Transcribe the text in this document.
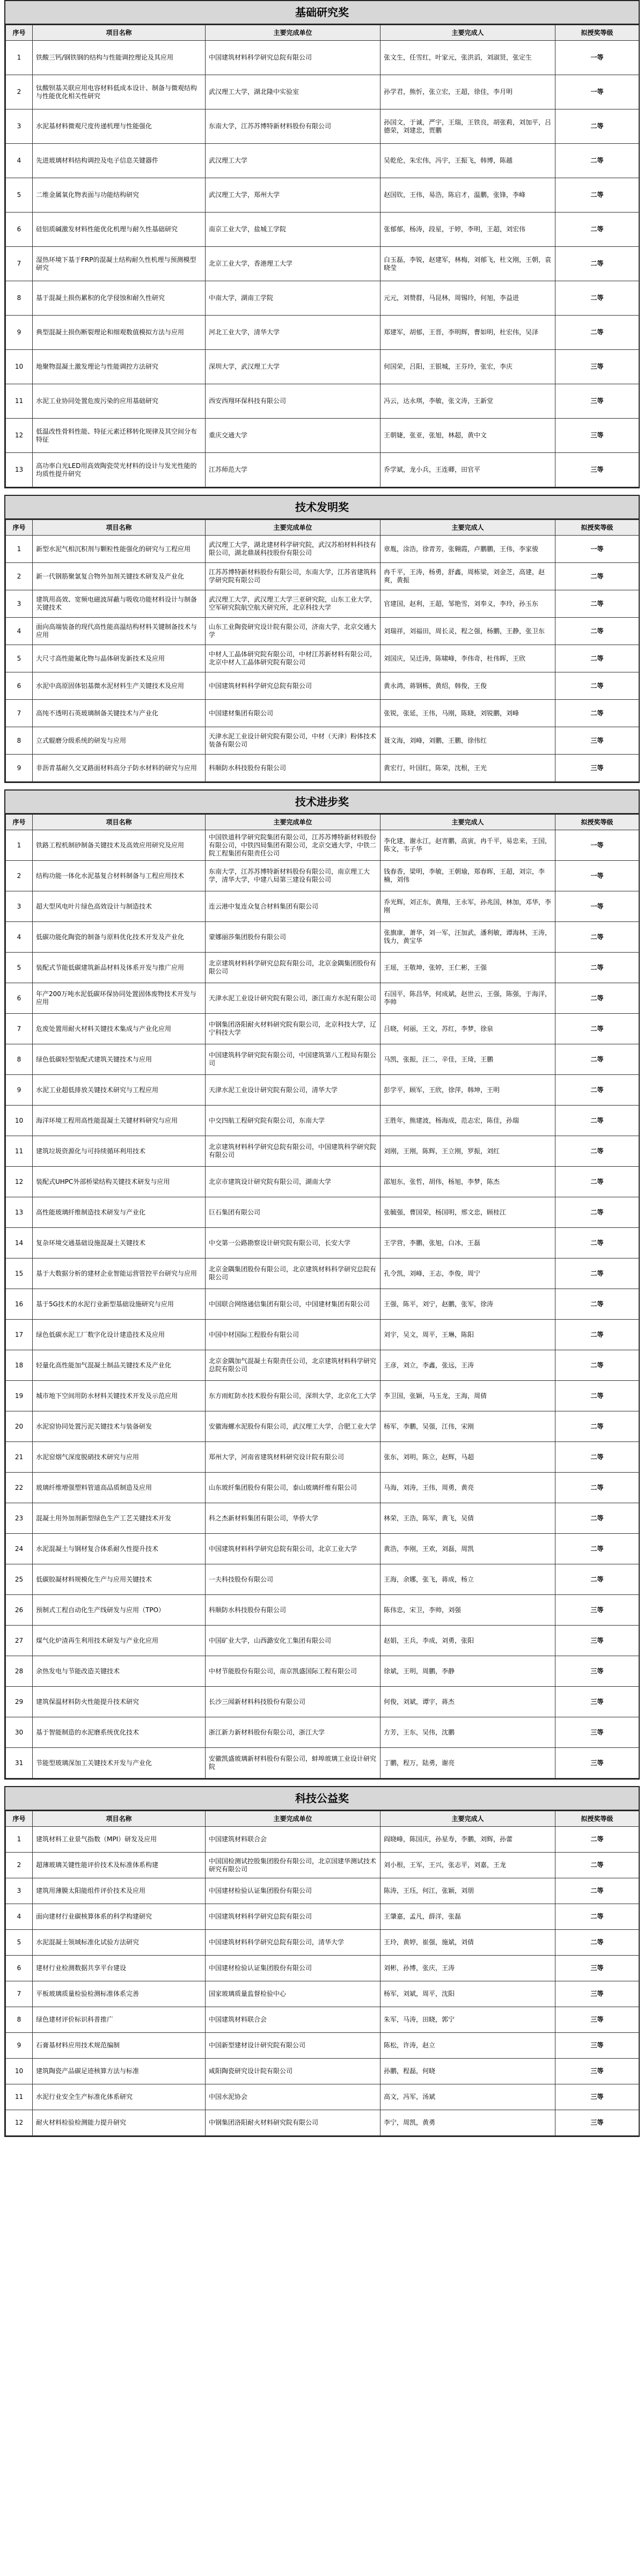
基础研究奖
序号	项目名称	主要完成单位	主要完成人	拟授奖等级
1	铁酸三钙/钢铁钢的结构与性能调控理论及其应用	中国建筑材料科学研究总院有限公司	张文生，任雪红，叶家元，张洪滔，刘淑贤，张定生	一等
2	钛酸钡基关联应用电容材料低成本设计、制备与微观结构与性能优化相关性研究	武汉理工大学，湖北隆中实验室	孙学君，熊忻，张立宏，王超，徐佳，李月明	一等
3	水泥基材料微观尺度传递机理与性能强化	东南大学，江苏苏博特新材料股份有限公司	孙国文，于诚，严宇，王瑞，王铁良，胡张莉，刘加平，吕德荣，刘建忠，贾鹏	二等
4	先进玻璃材料结构调控及电子信息关键器件	武汉理工大学	吴乾伦，朱宏伟，冯宇，王振飞，韩博，陈越	二等
5	二维金属氧化物表面与功能结构研究	武汉理工大学，郑州大学	赵国钦，王伟，易浩，陈启才，温鹏，张锋，李峰	二等
6	硅铝质碱激发材料性能优化机理与耐久性基础研究	南京工业大学，盐城工学院	张郁郁，杨涛，段星，于婷，李明，王超，刘宏伟	二等
7	湿热环境下基于FRP的混凝土结构耐久性机理与预测模型研究	北京工业大学，香港理工大学	白玉磊，李锐，赵建军，林梅，刘郁飞，杜文刚，王朝，袁晓莹	二等
8	基于混凝土损伤累积的化学侵蚀和耐久性研究	中南大学，湖南工学院	元元，刘赞群，马昆林，周锡玲，何旭，李益进	二等
9	典型混凝土损伤断裂理论和细观数值模拟方法与应用	河北工业大学，清华大学	郑建军，胡郁，王晋，李明辉，曹如明，杜宏伟，吴泽	二等
10	地聚物混凝土激发理论与性能调控方法研究	深圳大学，武汉理工大学	何国荣，吕阳，王银城，王芬玲，张宏，李庆	三等
11	水泥工业协同处置危废污染的应用基础研究	西安西翔环保科技有限公司	冯云，达永琪，李敏，张文涛，王新堂	三等
12	低温改性骨料性能、特征元素迁移转化规律及其空间分布特征	重庆交通大学	王朝婕，张亚，张旭，林超，黄中文	三等
13	高功率白光LED用高效陶瓷荧光材料的设计与发光性能的均质性提升研究	江苏师范大学	乔学斌，龙小兵，王连卿，田官平	三等
技术发明奖
序号	项目名称	主要完成单位	主要完成人	拟授奖等级
1	新型水泥气相沉积剂与颗粒性能强化的研究与工程应用	武汉理工大学，湖北建材科学研究院，武汉苏柏材料科技有限公司，湖北鼎晟科技股份有限公司	章胤，涂浩，徐青芳，张翱霞，卢鹏鹏，王伟，李家骏	一等
2	新一代钢筋聚氯复合物外加剂关键技术研发及产业化	江苏苏博特新材料股份有限公司，东南大学，江苏省建筑科学研究院有限公司	冉千平，王涛，杨勇，舒鑫，周栋梁，刘金芝，高建，赵爽，黄振	二等
3	建筑用高效、宽频电磁波屏蔽与吸收功能材料设计与制备关键技术	武汉理工大学，武汉理工大学三亚研究院，山东工业大学，空军研究院航空航天研究所，北京科技大学	官建国，赵利，王超，邹艳雪，刘奉义，李玲，孙玉东	二等
4	面向高端装备的现代高性能高温结构材料关键制备技术与应用	山东工业陶瓷研究设计院有限公司，济南大学，北京交通大学	刘瑞祥，刘福田，周长灵，程之强，杨鹏，王静，张卫东	二等
5	大尺寸高性能氟化物与晶体研发新技术及应用	中材人工晶体研究院有限公司，中材江苏新材料有限公司，北京中材人工晶体研究院有限公司	刘国庆，吴迁涛，陈啸峰，李伟奇，杜伟晖，王欣	二等
6	水泥中高原固体铝基微水泥材料生产关键技术及应用	中国建筑材料科学研究总院有限公司	黄永鸿，蒋钢栋，黄绍，韩俊，王俊	二等
7	高纯不透明石英玻璃制备关键技术与产业化	中国建材集团有限公司	张锐，张延，王伟，马刚，陈晓，刘锐鹏，刘峰	二等
8	立式辊磨分级系统的研发与应用	天津水泥工业设计研究院有限公司，中材（天津）粉体技术装备有限公司	聂文海，刘峰，刘鹏，王鹏，徐伟红	三等
9	非沥青基耐久交叉路面材料高分子防水材料的研究与应用	科顺防水科技股份有限公司	黄宏行，叶国红，陈荣，沈根，王光	三等
技术进步奖
序号	项目名称	主要完成单位	主要完成人	拟授奖等级
1	铁路工程机制砂制备关键技术及高效应用研究及应用	中国铁道科学研究院集团有限公司，江苏苏博特新材料股份有限公司，中铁四局集团有限公司，北京交通大学，中铁二院工程集团有限责任公司	李化建，谢永江，赵宵鹏，高寅，冉千平，易忠来，王国，陈文，韦子华	一等
2	结构功能一体化水泥基复合材料制备与工程应用技术	东南大学，江苏苏博特新材料股份有限公司，南京理工大学，清华大学，中建八局第三建设有限公司	钱春香，梁明，李敏，王朝瑜，郑春晖，王超，刘宗，李楠，刘伟	一等
3	超大型风电叶片绿色高效设计与制造技术	连云港中复连众复合材料集团有限公司	乔光辉，刘正东，黄翔，王永军，孙兆国，林加，邓华，李刚	一等
4	低碳功能化陶瓷的制备与原料优化技术开发及产业化	蒙娜丽莎集团股份有限公司	张旗康，萧华，刘一军，汪加武，潘利敏，谭海林，王涛，钱力，黄宝华	二等
5	装配式节能低碳建筑新品材料及体系开发与推广应用	北京建筑材料科学研究总院有限公司，北京金隅集团股份有限公司	王瑶，王敬坤，张婷，王仁彬，王强	二等
6	年产200万吨水泥低碳环保协同处置固体废物技术开发与应用	天津水泥工业设计研究院有限公司，浙江南方水泥有限公司	石国平，陈昌华，何成斌，赵世云，王强，陈强，于海洋，李帅	二等
7	危废处置用耐火材料关键技术集成与产业化应用	中钢集团洛阳耐火材料研究院有限公司，北京科技大学，辽宁科技大学	吕晓，何丽，王文，苏红，李梦，徐泉	二等
8	绿色低碳轻型装配式建筑关键技术与应用	中国建筑科学研究院有限公司，中国建筑第八工程局有限公司	马凯，张振，汪二，辛佳，王琦，王鹏	二等
9	水泥工业超低排放关键技术研究与工程应用	天津水泥工业设计研究院有限公司，清华大学	彭学平，顾军，王欣，徐萍，韩坤，王明	二等
10	海洋环境工程用高性能混凝土关键材料研究与应用	中交四航工程研究院有限公司，东南大学	王胜年，熊建波，杨海成，范志宏，陈佳，孙瑞	二等
11	建筑垃圾资源化与可持续循环利用技术	北京建筑材料科学研究总院有限公司，中国建筑科学研究院有限公司	刘刚，王刚，陈辉，王立刚，罗振，刘红	二等
12	装配式UHPC外部桥梁结构关键技术研发与应用	北京市建筑设计研究院有限公司，湖南大学	邵旭东，张哲，胡伟，杨旭，李梦，陈杰	二等
13	高性能玻璃纤维制造技术研发与产业化	巨石集团有限公司	张毓强，曹国荣，杨国明，邢文忠，顾桂江	二等
14	复杂环境交通基础设施混凝土关键技术	中交第一公路勘察设计研究院有限公司，长安大学	王学营，李鹏，张旭，白冰，王磊	二等
15	基于大数据分析的建材企业智能运营管控平台研究与应用	北京金隅集团股份有限公司，北京建筑材料科学研究总院有限公司	孔令凯，刘峰，王志，李俊，周宁	二等
16	基于5G技术的水泥行业新型基础设施研究与应用	中国联合网络通信集团有限公司，中国建材集团有限公司	王强，陈平，刘宁，赵鹏，张军，徐涛	二等
17	绿色低碳水泥工厂数字化设计建造技术及应用	中国中材国际工程股份有限公司	刘宇，吴文，周平，王琳，陈阳	二等
18	轻量化高性能加气混凝土制品关键技术及产业化	北京金隅加气混凝土有限责任公司，北京建筑材料科学研究总院有限公司	王彦，刘立，李鑫，张远，王涛	二等
19	城市地下空间用防水材料关键技术开发及示范应用	东方雨虹防水技术股份有限公司，深圳大学，北京化工大学	李卫国，张颖，马玉龙，王海，周倩	二等
20	水泥窑协同处置污泥关键技术与装备研发	安徽海螺水泥股份有限公司，武汉理工大学，合肥工业大学	杨军，李鹏，吴强，江伟，宋刚	二等
21	水泥窑烟气深度脱硝技术研究与应用	郑州大学，河南省建筑材料研究设计院有限公司	张东，刘明，陈立，赵辉，马超	二等
22	玻璃纤维增强塑料管道高品质制造及应用	山东玻纤集团股份有限公司，泰山玻璃纤维有限公司	马海，刘涛，王伟，周勇，黄亮	二等
23	混凝土用外加剂新型绿色生产工艺关键技术开发	科之杰新材料集团有限公司，华侨大学	林荣，王浩，陈军，黄飞，吴倩	二等
24	水泥混凝土与钢材复合体系耐久性提升技术	中国建筑材料科学研究总院有限公司，北京工业大学	黄浩，李刚，王欢，刘磊，周凯	二等
25	低碳胶凝材料规模化生产与应用关键技术	一夫科技股份有限公司	王海，余娜，张飞，蒋成，杨立	二等
26	预制式工程自动化生产线研发与应用（TPO）	科顺防水科技股份有限公司	陈伟忠，宋卫，李帅，刘强	三等
27	煤气化炉渣再生利用技术研发与产业化应用	中国矿业大学，山西潞安化工集团有限公司	赵娟，王兵，李成，刘勇，张阳	三等
28	余热发电与节能改造关键技术	中材节能股份有限公司，南京凯盛国际工程有限公司	徐斌，王明，周鹏，李静	三等
29	建筑保温材料防火性能提升技术研究	长沙三闻新材料科技股份有限公司	何俊，刘斌，谭宇，蒋杰	三等
30	基于智能制造的水泥磨系统优化技术	浙江新力新材料股份有限公司，浙江大学	方芳，王东，吴伟，沈鹏	三等
31	节能型玻璃深加工关键技术开发与产业化	安徽凯盛玻璃新材料股份有限公司，蚌埠玻璃工业设计研究院	丁鹏，程万，陆勇，谢亮	三等
科技公益奖
序号	项目名称	主要完成单位	主要完成人	拟授奖等级
1	建筑材料工业景气指数（MPI）研发及应用	中国建筑材料联合会	阎晓峰，陈国庆，孙星寿，李鹏，刘辉，孙蕾	二等
2	超薄玻璃关键性能评价技术及标准体系构建	中国国检测试控股集团股份有限公司，北京国建华测试技术研究有限公司	刘小根，王军，王兴，张志平，刘嘉，王龙	二等
3	建筑用薄膜太阳能组件评价技术及应用	中国建材检验认证集团股份有限公司	陈涛，王珏，何江，张颖，刘朋	二等
4	面向建材行业碳核算体系的科学构建研究	中国建筑材料科学研究总院有限公司	王肇嘉，孟凡，薛洋，张磊	二等
5	水泥混凝土领域标准化试验方法研究	中国建筑材料科学研究总院有限公司，清华大学	王玲，黄婷，崔强，施斌，刘倩	二等
6	建材行业检测数据共享平台建设	中国建材检验认证集团股份有限公司	刘彬，孙博，张庆，王涛	三等
7	平板玻璃质量检验检测标准体系完善	国家玻璃质量监督检验中心	杨军，刘斌，周平，沈阳	三等
8	绿色建材评价标识科普推广	中国建筑材料联合会	朱军，马涛，田晓，郭宁	三等
9	石膏基材料应用技术规范编制	中国新型建材设计研究院有限公司	陈松，许涛，赵立	三等
10	建筑陶瓷产品碳足迹核算方法与标准	咸阳陶瓷研究设计院有限公司	孙鹏，程磊，何晓	三等
11	水泥行业安全生产标准化体系研究	中国水泥协会	高文，冯军，汤斌	三等
12	耐火材料检验检测能力提升研究	中钢集团洛阳耐火材料研究院有限公司	李宁，周凯，黄勇	三等
